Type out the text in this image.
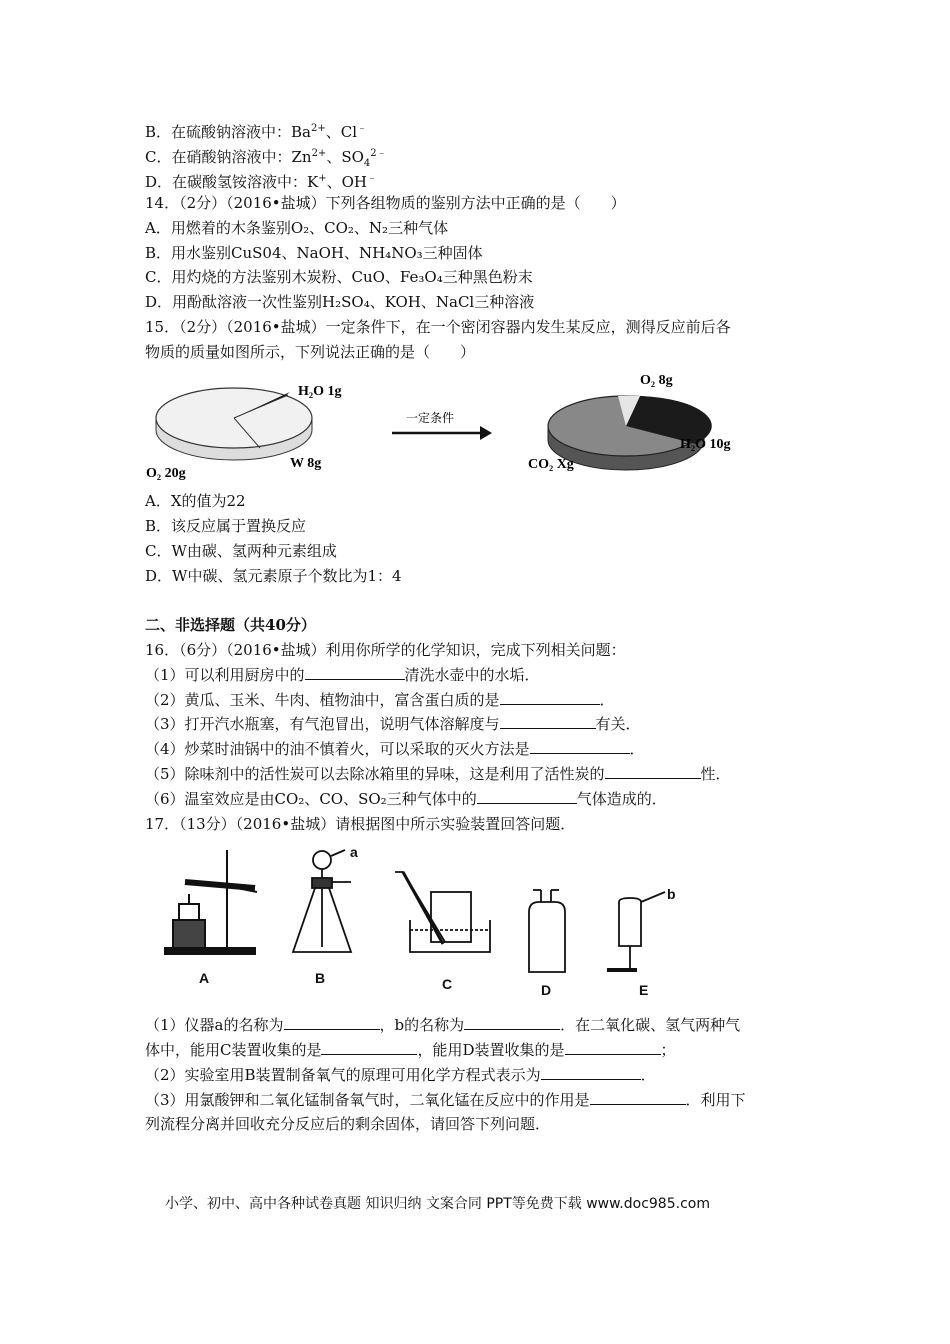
B．在硫酸钠溶液中：$Ba^{2+}$、Cl﹣
C．在硝酸钠溶液中：$Zn^{2+}$、$SO_4^{2﹣}$
D．在碳酸氢铵溶液中：K+、OH﹣
14．（2分）（2016•盐城）下列各组物质的鉴别方法中正确的是（　　）
A．用燃着的木条鉴别O₂、CO₂、N₂三种气体
B．用水鉴别CuS04、NaOH、NH₄NO₃三种固体
C．用灼烧的方法鉴别木炭粉、CuO、Fe₃O₄三种黑色粉末
D．用酚酞溶液一次性鉴别H₂SO₄、KOH、NaCl三种溶液
15．（2分）（2016•盐城）一定条件下，在一个密闭容器内发生某反应，测得反应前后各
物质的质量如图所示，下列说法正确的是（　　）
H₂O 1g
O₂ 20g
W 8g
一定条件
O₂ 8g
H₂O 10g
CO₂ Xg
A．X的值为22
B．该反应属于置换反应
C．W由碳、氢两种元素组成
D．W中碳、氢元素原子个数比为1：4
二、非选择题（共40分）
16．（6分）（2016•盐城）利用你所学的化学知识，完成下列相关问题：
（1）可以利用厨房中的	清洗水壶中的水垢．
（2）黄瓜、玉米、牛肉、植物油中，富含蛋白质的是	．
（3）打开汽水瓶塞，有气泡冒出，说明气体溶解度与	有关．
（4）炒菜时油锅中的油不慎着火，可以采取的灭火方法是	．
（5）除味剂中的活性炭可以去除冰箱里的异味，这是利用了活性炭的	性．
（6）温室效应是由CO₂、CO、SO₂三种气体中的	气体造成的．
17．（13分）（2016•盐城）请根据图中所示实验装置回答问题．
A	B	C	D	E
a
b
（1）仪器a的名称为	，b的名称为	．在二氧化碳、氢气两种气
体中，能用C装置收集的是	，能用D装置收集的是	；
（2）实验室用B装置制备氧气的原理可用化学方程式表示为	．
（3）用氯酸钾和二氧化锰制备氧气时，二氧化锰在反应中的作用是	．利用下
列流程分离并回收充分反应后的剩余固体，请回答下列问题．
小学、初中、高中各种试卷真题 知识归纳 文案合同 PPT等免费下载 www.doc985.com
